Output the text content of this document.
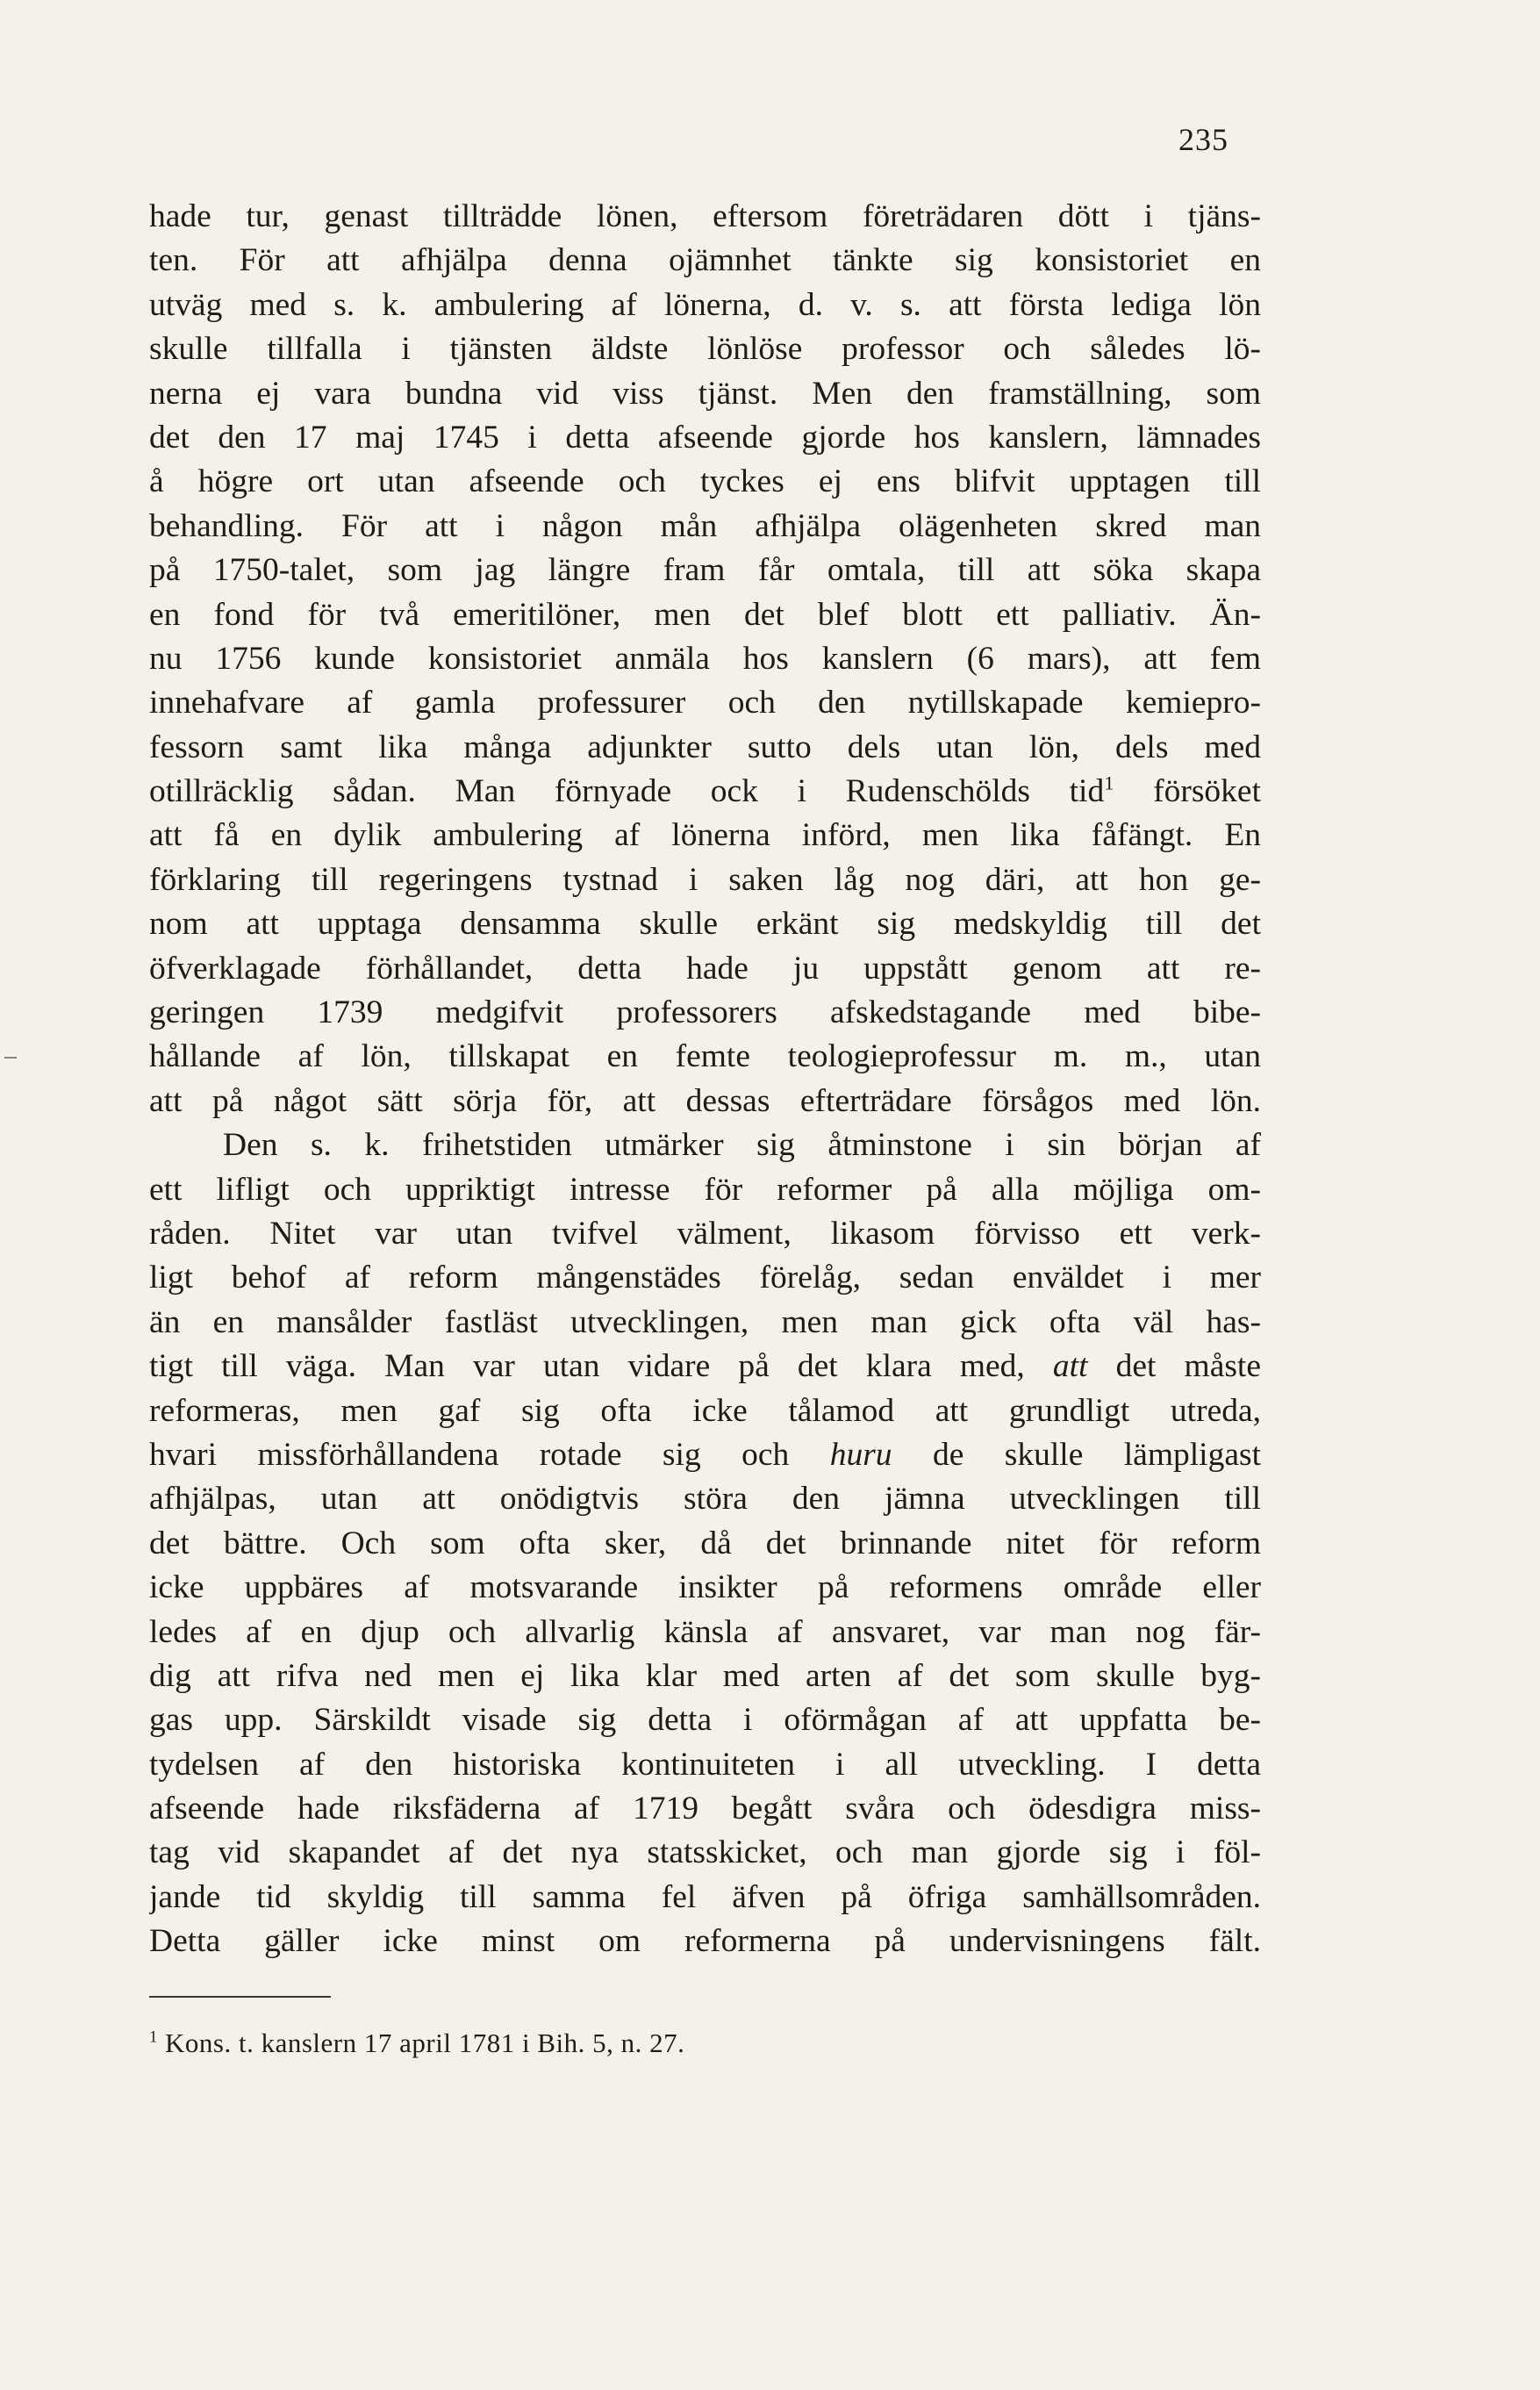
235
hade tur, genast tillträdde lönen, eftersom företrädaren dött i tjäns-
ten. För att afhjälpa denna ojämnhet tänkte sig konsistoriet en
utväg med s. k. ambulering af lönerna, d. v. s. att första lediga lön
skulle tillfalla i tjänsten äldste lönlöse professor och således lö-
nerna ej vara bundna vid viss tjänst. Men den framställning, som
det den 17 maj 1745 i detta afseende gjorde hos kanslern, lämnades
å högre ort utan afseende och tyckes ej ens blifvit upptagen till
behandling. För att i någon mån afhjälpa olägenheten skred man
på 1750-talet, som jag längre fram får omtala, till att söka skapa
en fond för två emeritilöner, men det blef blott ett palliativ. Än-
nu 1756 kunde konsistoriet anmäla hos kanslern (6 mars), att fem
innehafvare af gamla professurer och den nytillskapade kemiepro-
fessorn samt lika många adjunkter sutto dels utan lön, dels med
otillräcklig sådan. Man förnyade ock i Rudenschölds tid$^1$ försöket
att få en dylik ambulering af lönerna införd, men lika fåfängt. En
förklaring till regeringens tystnad i saken låg nog däri, att hon ge-
nom att upptaga densamma skulle erkänt sig medskyldig till det
öfverklagade förhållandet, detta hade ju uppstått genom att re-
geringen 1739 medgifvit professorers afskedstagande med bibe-
hållande af lön, tillskapat en femte teologieprofessur m. m., utan
att på något sätt sörja för, att dessas efterträdare försågos med lön.
Den s. k. frihetstiden utmärker sig åtminstone i sin början af
ett lifligt och uppriktigt intresse för reformer på alla möjliga om-
råden. Nitet var utan tvifvel välment, likasom förvisso ett verk-
ligt behof af reform mångenstädes förelåg, sedan enväldet i mer
än en mansålder fastläst utvecklingen, men man gick ofta väl has-
tigt till väga. Man var utan vidare på det klara med, att det måste
reformeras, men gaf sig ofta icke tålamod att grundligt utreda,
hvari missförhållandena rotade sig och huru de skulle lämpligast
afhjälpas, utan att onödigtvis störa den jämna utvecklingen till
det bättre. Och som ofta sker, då det brinnande nitet för reform
icke uppbäres af motsvarande insikter på reformens område eller
ledes af en djup och allvarlig känsla af ansvaret, var man nog fär-
dig att rifva ned men ej lika klar med arten af det som skulle byg-
gas upp. Särskildt visade sig detta i oförmågan af att uppfatta be-
tydelsen af den historiska kontinuiteten i all utveckling. I detta
afseende hade riksfäderna af 1719 begått svåra och ödesdigra miss-
tag vid skapandet af det nya statsskicket, och man gjorde sig i föl-
jande tid skyldig till samma fel äfven på öfriga samhällsområden.
Detta gäller icke minst om reformerna på undervisningens fält.
$^1$ Kons. t. kanslern 17 april 1781 i Bih. 5, n. 27.
